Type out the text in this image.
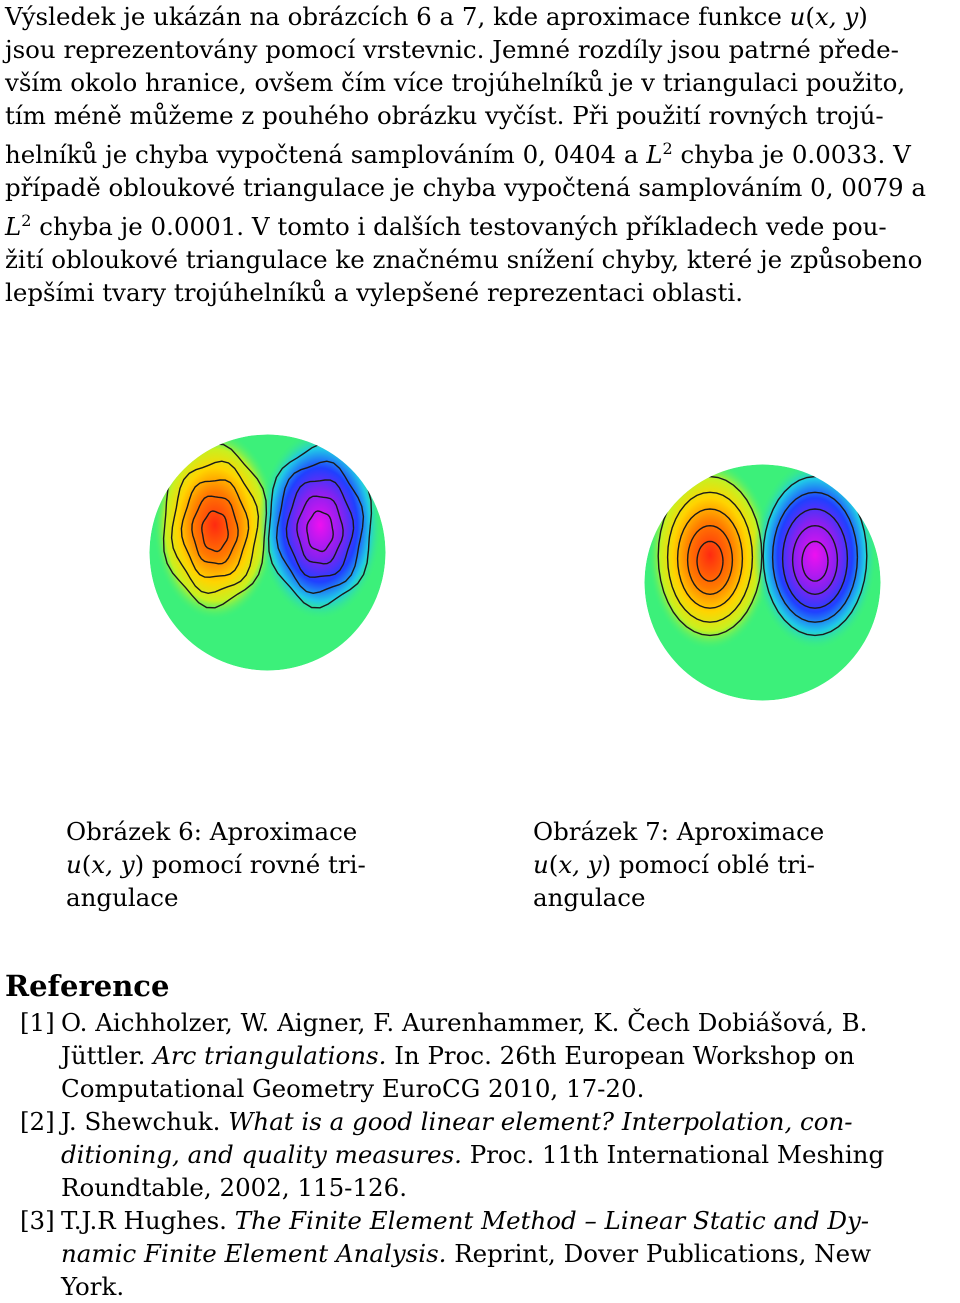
Výsledek je ukázán na obrázcích 6 a 7, kde aproximace funkce u(x, y)
jsou reprezentovány pomocí vrstevnic. Jemné rozdíly jsou patrné přede-
vším okolo hranice, ovšem čím více trojúhelníků je v triangulaci použito,
tím méně můžeme z pouhého obrázku vyčíst. Při použití rovných trojú-
helníků je chyba vypočtená samplováním 0, 0404 a $L^2$ chyba je 0.0033. V
případě obloukové triangulace je chyba vypočtená samplováním 0, 0079 a
$L^2$ chyba je 0.0001. V tomto i dalších testovaných příkladech vede pou-
žití obloukové triangulace ke značnému snížení chyby, které je způsobeno
lepšími tvary trojúhelníků a vylepšené reprezentaci oblasti.

Obrázek 6: Aproximace
u(x, y) pomocí rovné tri-
angulace
Obrázek 7: Aproximace
u(x, y) pomocí oblé tri-
angulace
Reference
[1] O. Aichholzer, W. Aigner, F. Aurenhammer, K. Čech Dobiášová, B.
Jüttler. Arc triangulations. In Proc. 26th European Workshop on
Computational Geometry EuroCG 2010, 17-20.
[2] J. Shewchuk. What is a good linear element? Interpolation, con-
ditioning, and quality measures. Proc. 11th International Meshing
Roundtable, 2002, 115-126.
[3] T.J.R Hughes. The Finite Element Method – Linear Static and Dy-
namic Finite Element Analysis. Reprint, Dover Publications, New
York.
